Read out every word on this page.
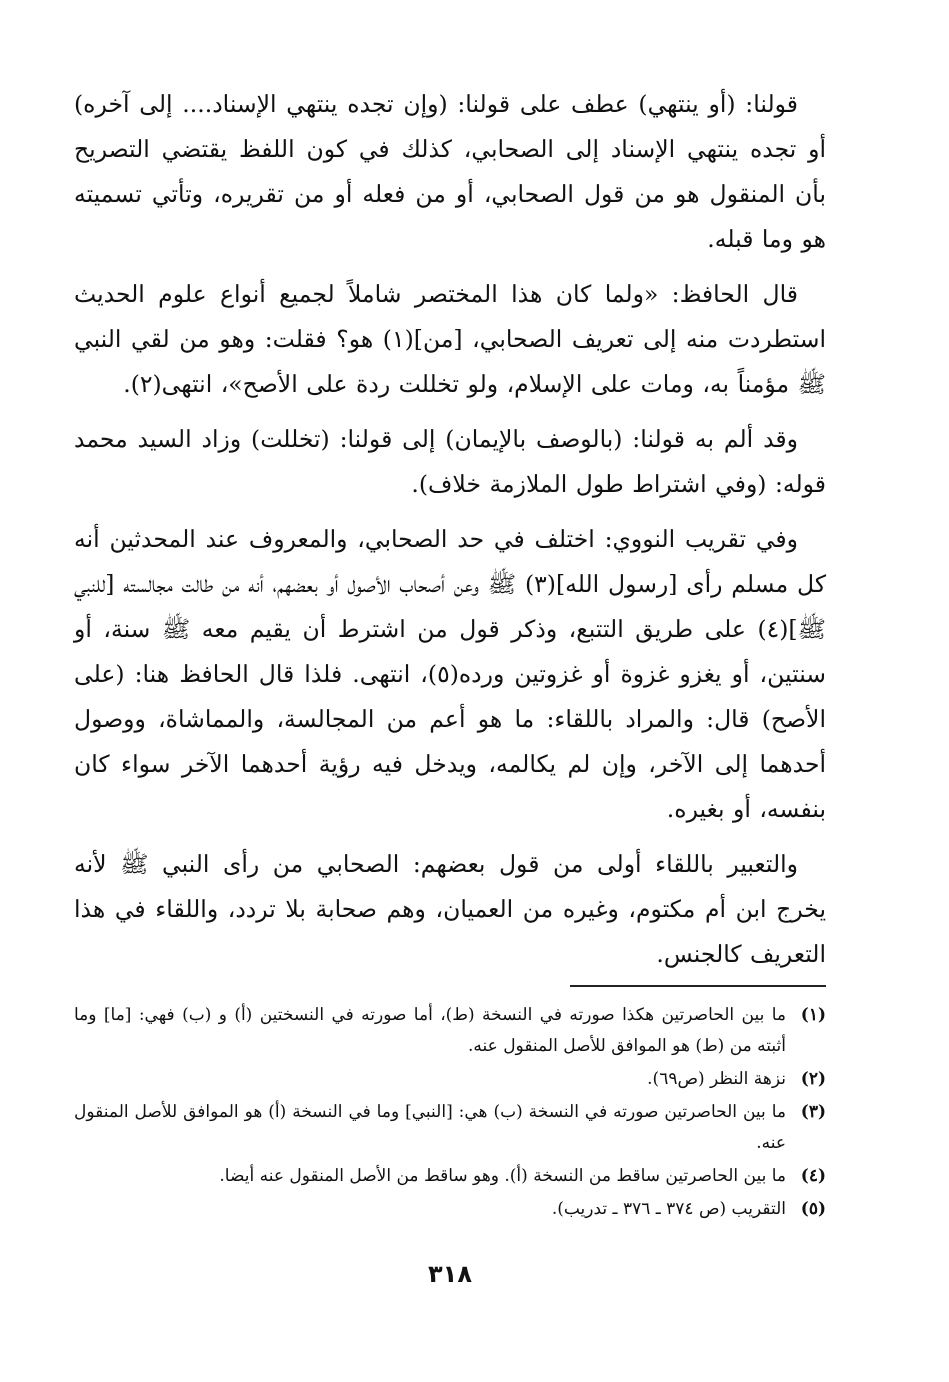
قولنا: (أو ينتهي) عطف على قولنا: (وإن تجده ينتهي الإسناد.... إلى آخره) أو تجده ينتهي الإسناد إلى الصحابي، كذلك في كون اللفظ يقتضي التصريح بأن المنقول هو من قول الصحابي، أو من فعله أو من تقريره، وتأتي تسميته هو وما قبله.

قال الحافظ: «ولما كان هذا المختصر شاملاً لجميع أنواع علوم الحديث استطردت منه إلى تعريف الصحابي، [من](١) هو؟ فقلت: وهو من لقي النبي ﷺ مؤمناً به، ومات على الإسلام، ولو تخللت ردة على الأصح»، انتهى(٢).

وقد ألم به قولنا: (بالوصف بالإيمان) إلى قولنا: (تخللت) وزاد السيد محمد قوله: (وفي اشتراط طول الملازمة خلاف).

وفي تقريب النووي: اختلف في حد الصحابي، والمعروف عند المحدثين أنه كل مسلم رأى [رسول الله](٣) ﷺ وعن أصحاب الأصول أو بعضهم، أنه من طالت مجالسته [للنبي ﷺ](٤) على طريق التتبع، وذكر قول من اشترط أن يقيم معه ﷺ سنة، أو سنتين، أو يغزو غزوة أو غزوتين ورده(٥)، انتهى. فلذا قال الحافظ هنا: (على الأصح) قال: والمراد باللقاء: ما هو أعم من المجالسة، والمماشاة، ووصول أحدهما إلى الآخر، وإن لم يكالمه، ويدخل فيه رؤية أحدهما الآخر سواء كان بنفسه، أو بغيره.

والتعبير باللقاء أولى من قول بعضهم: الصحابي من رأى النبي ﷺ لأنه يخرج ابن أم مكتوم، وغيره من العميان، وهم صحابة بلا تردد، واللقاء في هذا التعريف كالجنس.

(١)
ما بين الحاصرتين هكذا صورته في النسخة (ط)، أما صورته في النسختين (أ) و (ب) فهي: [ما] وما أثبته من (ط) هو الموافق للأصل المنقول عنه.
(٢)
نزهة النظر (ص٦٩).
(٣)
ما بين الحاصرتين صورته في النسخة (ب) هي: [النبي] وما في النسخة (أ) هو الموافق للأصل المنقول عنه.
(٤)
ما بين الحاصرتين ساقط من النسخة (أ). وهو ساقط من الأصل المنقول عنه أيضا.
(٥)
التقريب (ص ٣٧٤ ـ ٣٧٦ ـ تدريب).
٣١٨
